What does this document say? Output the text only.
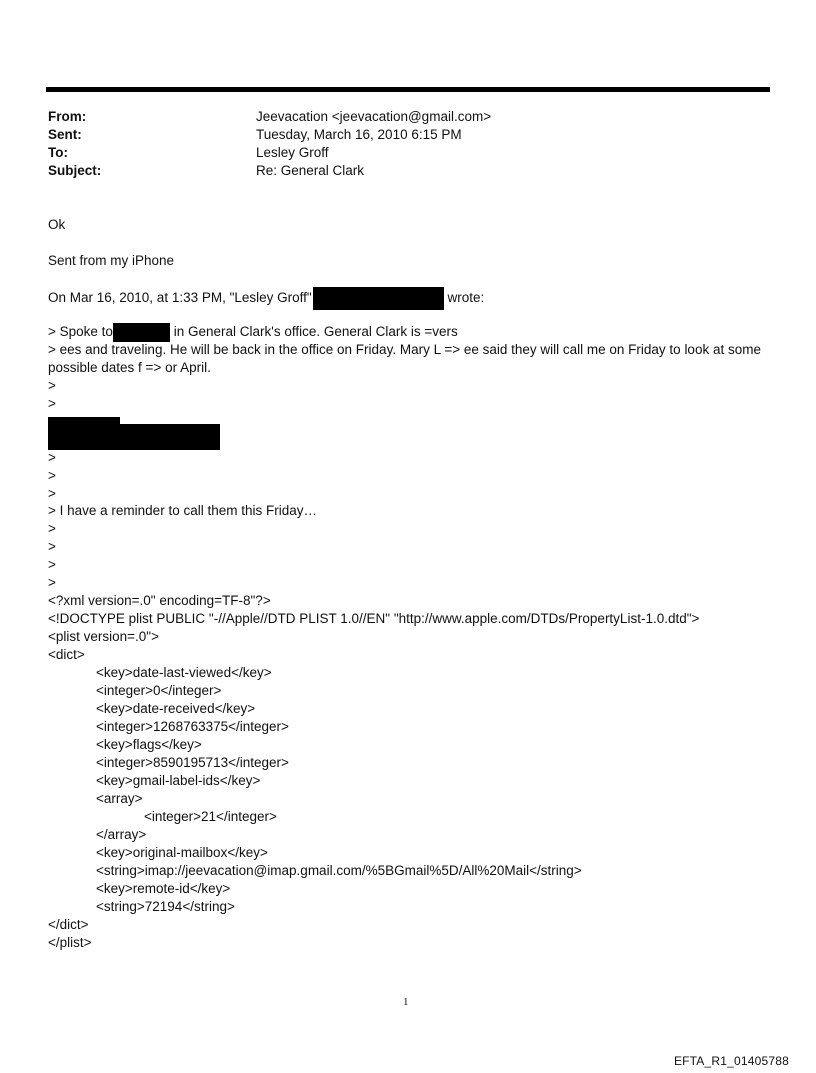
From:	Jeevacation <jeevacation@gmail.com>
Sent:	Tuesday, March 16, 2010 6:15 PM
To:	Lesley Groff
Subject:	Re: General Clark
Ok
Sent from my iPhone
On Mar 16, 2010, at 1:33 PM, "Lesley Groff"	wrote:
> Spoke to	in General Clark's office. General Clark is =vers
> ees and traveling. He will be back in the office on Friday. Mary L => ee said they will call me on Friday to look at some possible dates f => or April.
>
>
>
>
>
> I have a reminder to call them this Friday…
>
>
>
>
<?xml version=.0" encoding=TF-8"?>
<!DOCTYPE plist PUBLIC "-//Apple//DTD PLIST 1.0//EN" "http://www.apple.com/DTDs/PropertyList-1.0.dtd">
<plist version=.0">
<dict>
<key>date-last-viewed</key>
<integer>0</integer>
<key>date-received</key>
<integer>1268763375</integer>
<key>flags</key>
<integer>8590195713</integer>
<key>gmail-label-ids</key>
<array>
<integer>21</integer>
</array>
<key>original-mailbox</key>
<string>imap://jeevacation@imap.gmail.com/%5BGmail%5D/All%20Mail</string>
<key>remote-id</key>
<string>72194</string>
</dict>
</plist>
1
EFTA_R1_01405788
